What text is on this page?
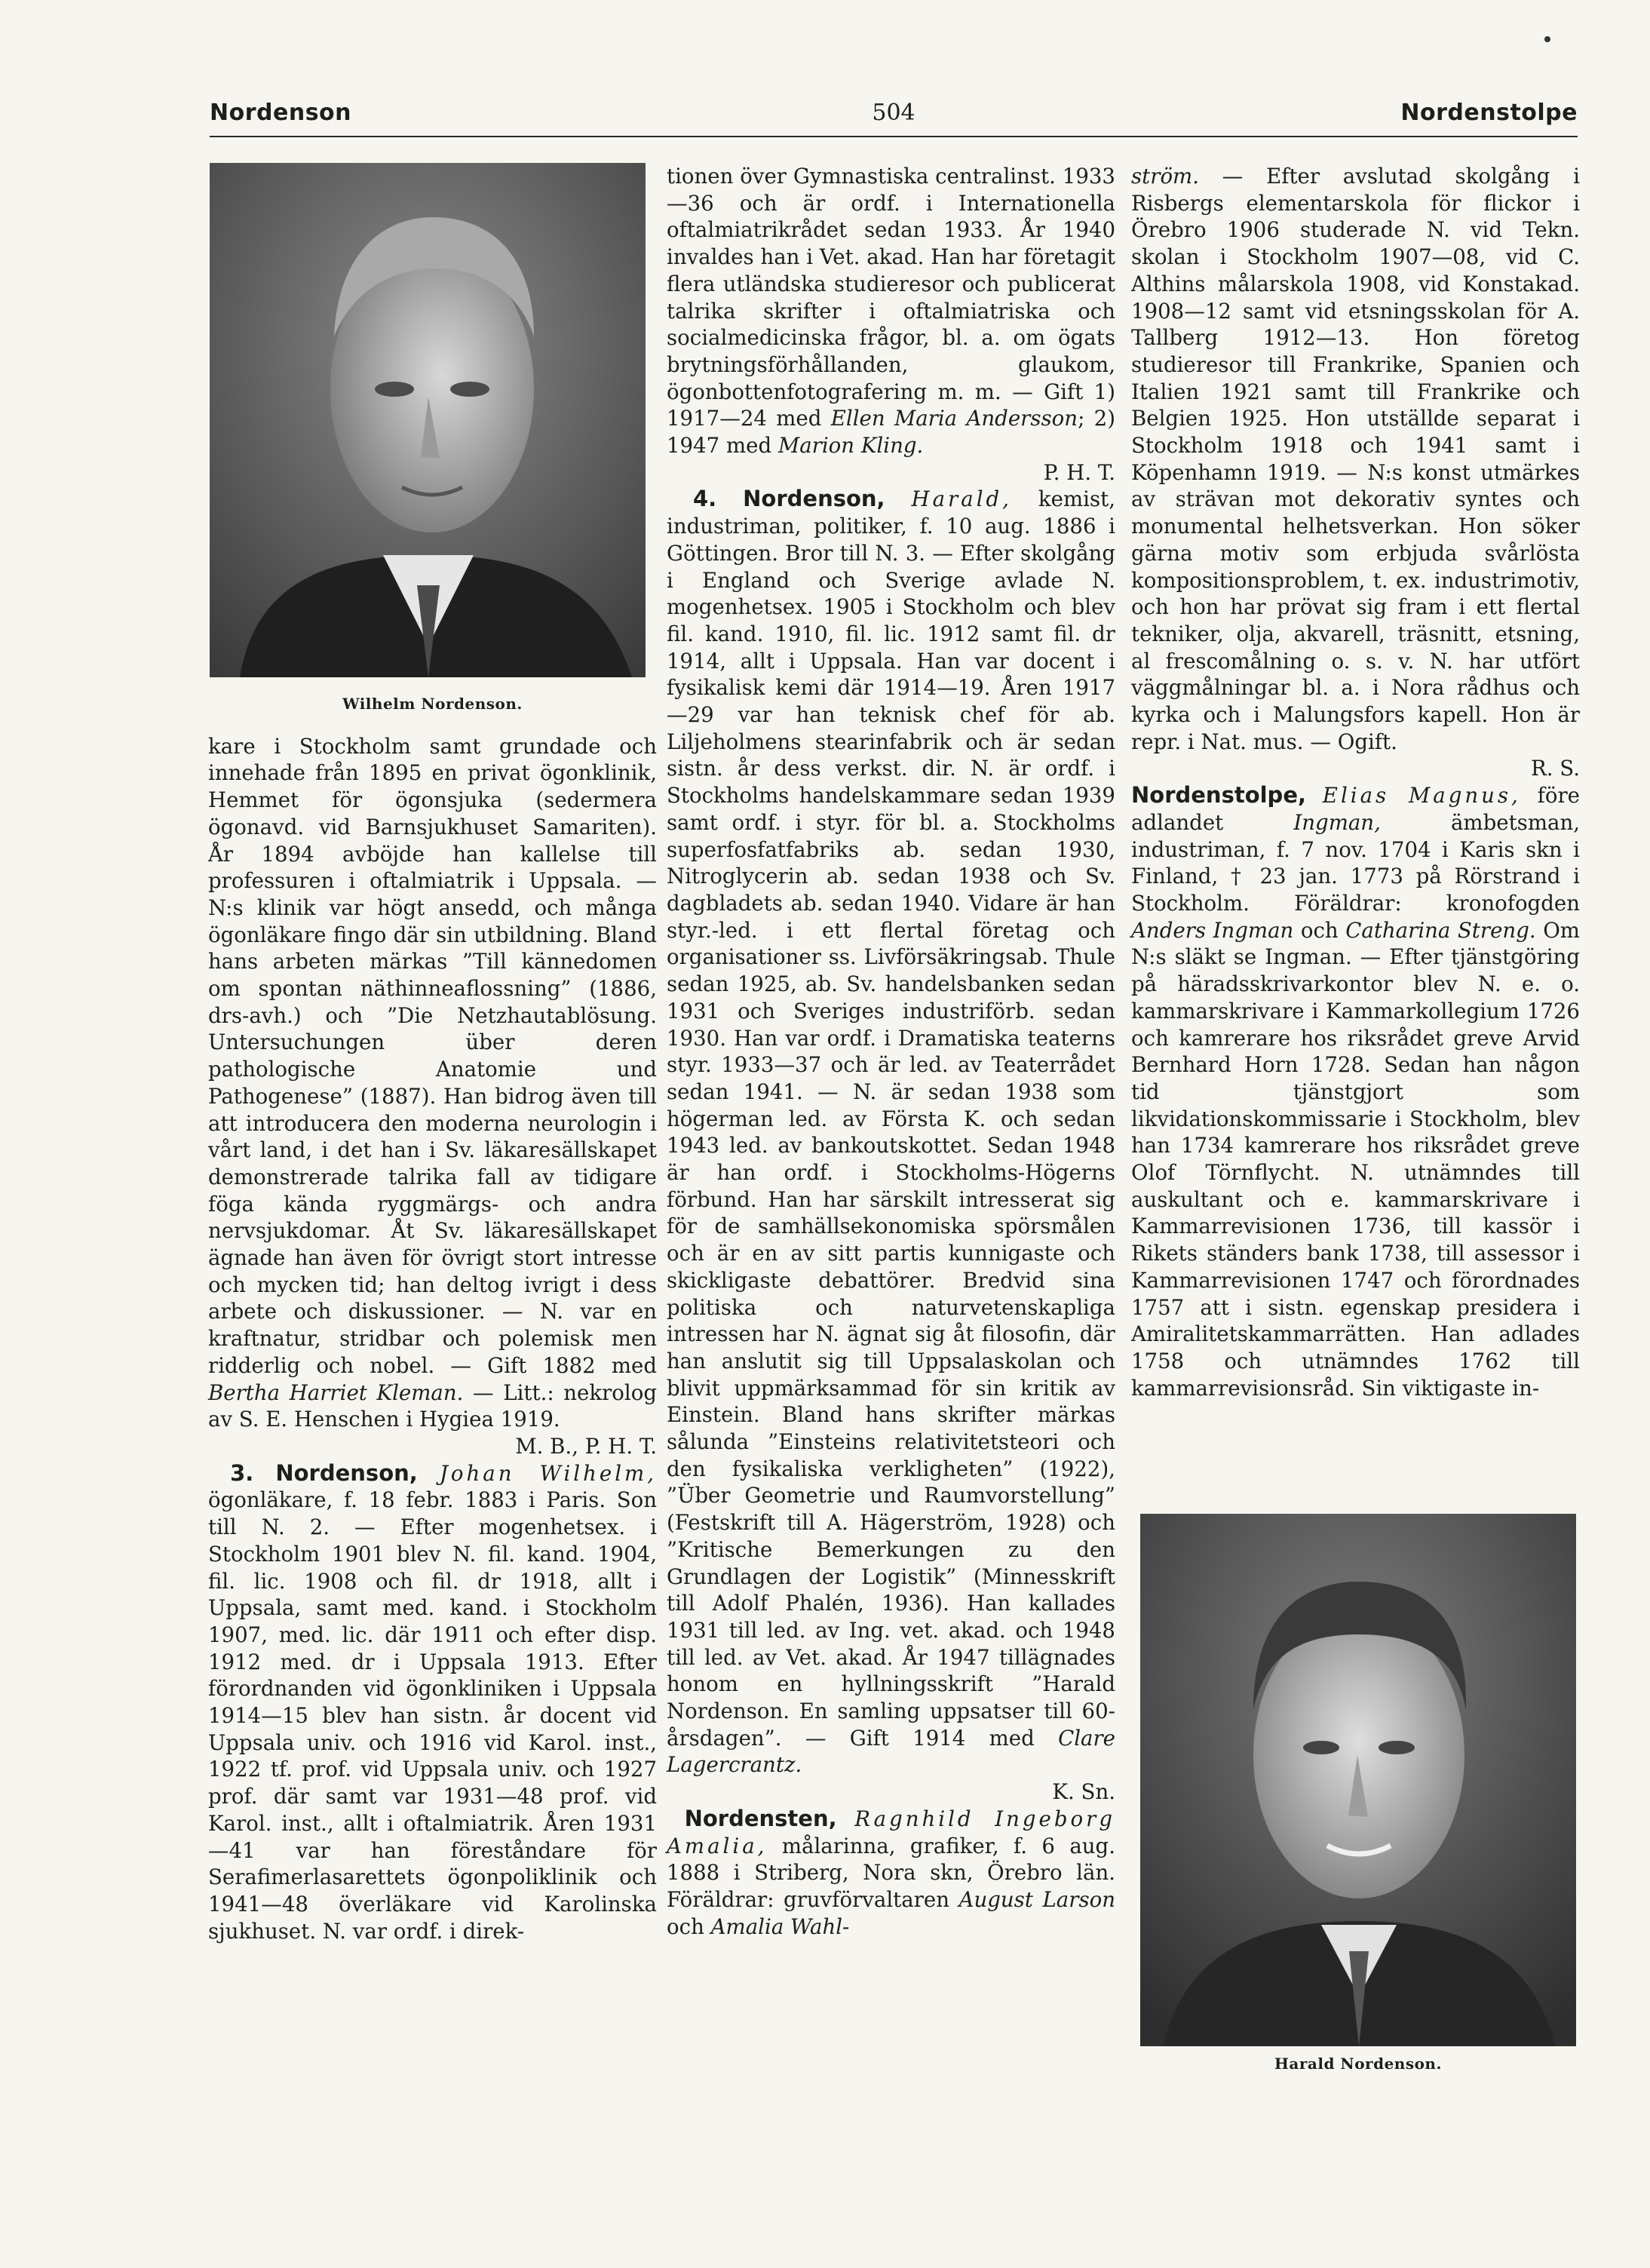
Nordenson	504	Nordenstolpe
Wilhelm Nordenson.

kare i Stockholm samt grundade och innehade från 1895 en privat ögonklinik, Hemmet för ögonsjuka (sedermera ögonavd. vid Barnsjukhuset Samariten). År 1894 avböjde han kallelse till professuren i oftalmiatrik i Uppsala. — N:s klinik var högt ansedd, och många ögonläkare fingo där sin utbildning. Bland hans arbeten märkas ”Till kännedomen om spontan näthinneaflossning” (1886, drs-avh.) och ”Die Netzhautablösung. Untersuchungen über deren pathologische Anatomie und Pathogenese” (1887). Han bidrog även till att introducera den moderna neurologin i vårt land, i det han i Sv. läkaresällskapet demonstrerade talrika fall av tidigare föga kända ryggmärgs- och andra nervsjukdomar. Åt Sv. läkaresällskapet ägnade han även för övrigt stort intresse och mycken tid; han deltog ivrigt i dess arbete och diskussioner. — N. var en kraftnatur, stridbar och polemisk men ridderlig och nobel. — Gift 1882 med Bertha Harriet Kleman. — Litt.: nekrolog av S. E. Henschen i Hygiea 1919.
M. B., P. H. T.

3. Nordenson, Johan Wilhelm, ögonläkare, f. 18 febr. 1883 i Paris. Son till N. 2. — Efter mogenhetsex. i Stockholm 1901 blev N. fil. kand. 1904, fil. lic. 1908 och fil. dr 1918, allt i Uppsala, samt med. kand. i Stockholm 1907, med. lic. där 1911 och efter disp. 1912 med. dr i Uppsala 1913. Efter förordnanden vid ögonkliniken i Uppsala 1914—15 blev han sistn. år docent vid Uppsala univ. och 1916 vid Karol. inst., 1922 tf. prof. vid Uppsala univ. och 1927 prof. där samt var 1931—48 prof. vid Karol. inst., allt i oftalmiatrik. Åren 1931—41 var han föreståndare för Serafimerlasarettets ögonpoliklinik och 1941—48 överläkare vid Karolinska sjukhuset. N. var ordf. i direk-

tionen över Gymnastiska centralinst. 1933—36 och är ordf. i Internationella oftalmiatrikrådet sedan 1933. År 1940 invaldes han i Vet. akad. Han har företagit flera utländska studieresor och publicerat talrika skrifter i oftalmiatriska och socialmedicinska frågor, bl. a. om ögats brytningsförhållanden, glaukom, ögonbottenfotografering m. m. — Gift 1) 1917—24 med Ellen Maria Andersson; 2) 1947 med Marion Kling.
P. H. T.

4. Nordenson, Harald, kemist, industriman, politiker, f. 10 aug. 1886 i Göttingen. Bror till N. 3. — Efter skolgång i England och Sverige avlade N. mogenhetsex. 1905 i Stockholm och blev fil. kand. 1910, fil. lic. 1912 samt fil. dr 1914, allt i Uppsala. Han var docent i fysikalisk kemi där 1914—19. Åren 1917—29 var han teknisk chef för ab. Liljeholmens stearinfabrik och är sedan sistn. år dess verkst. dir. N. är ordf. i Stockholms handelskammare sedan 1939 samt ordf. i styr. för bl. a. Stockholms superfosfatfabriks ab. sedan 1930, Nitroglycerin ab. sedan 1938 och Sv. dagbladets ab. sedan 1940. Vidare är han styr.-led. i ett flertal företag och organisationer ss. Livförsäkringsab. Thule sedan 1925, ab. Sv. handelsbanken sedan 1931 och Sveriges industriförb. sedan 1930. Han var ordf. i Dramatiska teaterns styr. 1933—37 och är led. av Teaterrådet sedan 1941. — N. är sedan 1938 som högerman led. av Första K. och sedan 1943 led. av bankoutskottet. Sedan 1948 är han ordf. i Stockholms-Högerns förbund. Han har särskilt intresserat sig för de samhällsekonomiska spörsmålen och är en av sitt partis kunnigaste och skickligaste debattörer. Bredvid sina politiska och naturvetenskapliga intressen har N. ägnat sig åt filosofin, där han anslutit sig till Uppsalaskolan och blivit uppmärksammad för sin kritik av Einstein. Bland hans skrifter märkas sålunda ”Einsteins relativitetsteori och den fysikaliska verkligheten” (1922), ”Über Geometrie und Raumvorstellung” (Festskrift till A. Hägerström, 1928) och ”Kritische Bemerkungen zu den Grundlagen der Logistik” (Minnesskrift till Adolf Phalén, 1936). Han kallades 1931 till led. av Ing. vet. akad. och 1948 till led. av Vet. akad. År 1947 tillägnades honom en hyllningsskrift ”Harald Nordenson. En samling uppsatser till 60-årsdagen”. — Gift 1914 med Clare Lagercrantz.
K. Sn.

Nordensten, Ragnhild Ingeborg Amalia, målarinna, grafiker, f. 6 aug. 1888 i Striberg, Nora skn, Örebro län. Föräldrar: gruvförvaltaren August Larson och Amalia Wahl-

ström. — Efter avslutad skolgång i Risbergs elementarskola för flickor i Örebro 1906 studerade N. vid Tekn. skolan i Stockholm 1907—08, vid C. Althins målarskola 1908, vid Konstakad. 1908—12 samt vid etsningsskolan för A. Tallberg 1912—13. Hon företog studieresor till Frankrike, Spanien och Italien 1921 samt till Frankrike och Belgien 1925. Hon utställde separat i Stockholm 1918 och 1941 samt i Köpenhamn 1919. — N:s konst utmärkes av strävan mot dekorativ syntes och monumental helhetsverkan. Hon söker gärna motiv som erbjuda svårlösta kompositionsproblem, t. ex. industrimotiv, och hon har prövat sig fram i ett flertal tekniker, olja, akvarell, träsnitt, etsning, al frescomålning o. s. v. N. har utfört väggmålningar bl. a. i Nora rådhus och kyrka och i Malungsfors kapell. Hon är repr. i Nat. mus. — Ogift.
R. S.

Nordenstolpe, Elias Magnus, före adlandet	Ingman,	ämbetsman, industriman, f. 7 nov. 1704 i Karis skn i Finland, † 23 jan. 1773 på Rörstrand i Stockholm. Föräldrar: kronofogden Anders Ingman och Catharina Streng. Om N:s släkt se Ingman. — Efter tjänstgöring på häradsskrivarkontor blev N. e. o. kammarskrivare i Kammarkollegium 1726 och kamrerare hos riksrådet greve Arvid Bernhard Horn 1728. Sedan han någon tid tjänstgjort som likvidationskommissarie i Stockholm, blev han 1734 kamrerare hos riksrådet greve Olof Törnflycht. N. utnämndes till auskultant och e. kammarskrivare i Kammarrevisionen 1736, till kassör i Rikets ständers bank 1738, till assessor i Kammarrevisionen 1747 och förordnades 1757 att i sistn. egenskap presidera i Amiralitetskammarrätten. Han adlades 1758 och utnämndes 1762 till kammarrevisionsråd. Sin viktigaste in-

Harald Nordenson.
